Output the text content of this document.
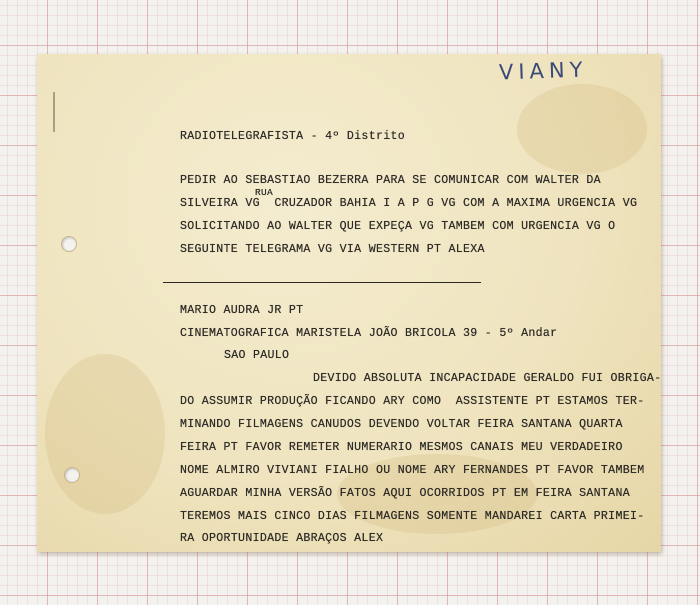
VIANY
RADIOTELEGRAFISTA - 4º Distrito
PEDIR AO SEBASTIAO BEZERRA PARA SE COMUNICAR COM WALTER DA
RUA
SILVEIRA VG  CRUZADOR BAHIA I A P G VG COM A MAXIMA URGENCIA VG
SOLICITANDO AO WALTER QUE EXPEÇA VG TAMBEM COM URGENCIA VG O
SEGUINTE TELEGRAMA VG VIA WESTERN PT ALEXA
MARIO AUDRA JR PT
CINEMATOGRAFICA MARISTELA JOÃO BRICOLA 39 - 5º Andar
SAO PAULO
DEVIDO ABSOLUTA INCAPACIDADE GERALDO FUI OBRIGA-
DO ASSUMIR PRODUÇÃO FICANDO ARY COMO  ASSISTENTE PT ESTAMOS TER-
MINANDO FILMAGENS CANUDOS DEVENDO VOLTAR FEIRA SANTANA QUARTA
FEIRA PT FAVOR REMETER NUMERARIO MESMOS CANAIS MEU VERDADEIRO
NOME ALMIRO VIVIANI FIALHO OU NOME ARY FERNANDES PT FAVOR TAMBEM
AGUARDAR MINHA VERSÃO FATOS AQUI OCORRIDOS PT EM FEIRA SANTANA
TEREMOS MAIS CINCO DIAS FILMAGENS SOMENTE MANDAREI CARTA PRIMEI-
RA OPORTUNIDADE ABRAÇOS ALEX
